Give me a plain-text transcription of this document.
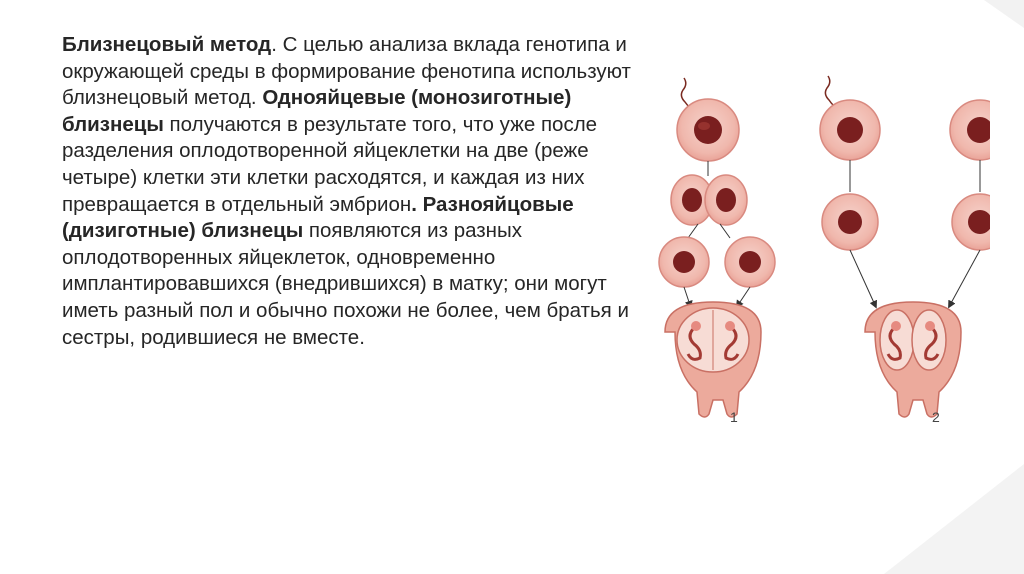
Близнецовый метод. С целью анализа вклада генотипа и окружающей среды в формирование фенотипа используют близнецовый метод. Однояйцевые (монозиготные) близнецы получаются в результате того, что уже после разделения оплодотворенной яйцеклетки на две (реже четыре) клетки эти клетки расходятся, и каждая из них превращается в отдельный эмбрион. Разнояйцовые (дизиготные) близнецы появляются из разных оплодотворенных яйцеклеток, одновременно имплантировавшихся (внедрившихся) в матку; они могут иметь разный пол и обычно похожи не более, чем братья и сестры, родившиеся не вместе.

1	2
